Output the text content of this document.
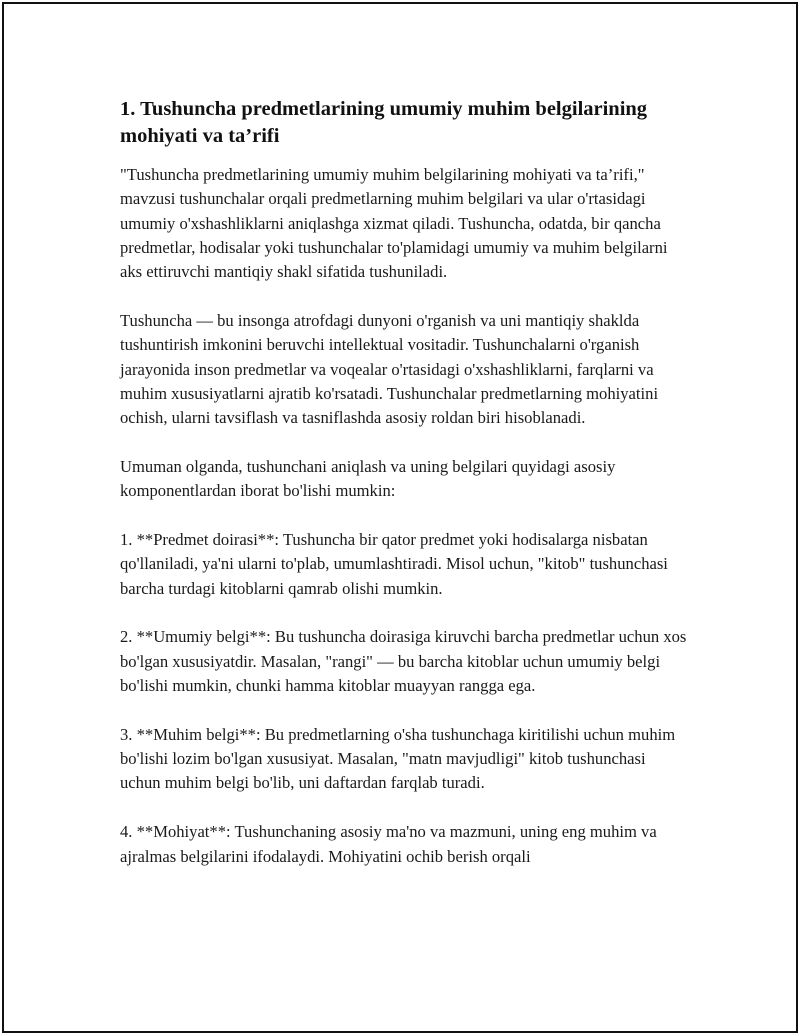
1. Tushuncha predmetlarining umumiy muhim belgilarining mohiyati va ta’rifi

"Tushuncha predmetlarining umumiy muhim belgilarining mohiyati va ta’rifi," mavzusi tushunchalar orqali predmetlarning muhim belgilari va ular o'rtasidagi umumiy o'xshashliklarni aniqlashga xizmat qiladi. Tushuncha, odatda, bir qancha predmetlar, hodisalar yoki tushunchalar to'plamidagi umumiy va muhim belgilarni aks ettiruvchi mantiqiy shakl sifatida tushuniladi.

Tushuncha — bu insonga atrofdagi dunyoni o'rganish va uni mantiqiy shaklda tushuntirish imkonini beruvchi intellektual vositadir. Tushunchalarni o'rganish jarayonida inson predmetlar va voqealar o'rtasidagi o'xshashliklarni, farqlarni va muhim xususiyatlarni ajratib ko'rsatadi. Tushunchalar predmetlarning mohiyatini ochish, ularni tavsiflash va tasniflashda asosiy roldan biri hisoblanadi.

Umuman olganda, tushunchani aniqlash va uning belgilari quyidagi asosiy komponentlardan iborat bo'lishi mumkin:

1. **Predmet doirasi**: Tushuncha bir qator predmet yoki hodisalarga nisbatan qo'llaniladi, ya'ni ularni to'plab, umumlashtiradi. Misol uchun, "kitob" tushunchasi barcha turdagi kitoblarni qamrab olishi mumkin.

2. **Umumiy belgi**: Bu tushuncha doirasiga kiruvchi barcha predmetlar uchun xos bo'lgan xususiyatdir. Masalan, "rangi" — bu barcha kitoblar uchun umumiy belgi bo'lishi mumkin, chunki hamma kitoblar muayyan rangga ega.

3. **Muhim belgi**: Bu predmetlarning o'sha tushunchaga kiritilishi uchun muhim bo'lishi lozim bo'lgan xususiyat. Masalan, "matn mavjudligi" kitob tushunchasi uchun muhim belgi bo'lib, uni daftardan farqlab turadi.

4. **Mohiyat**: Tushunchaning asosiy ma'no va mazmuni, uning eng muhim va ajralmas belgilarini ifodalaydi. Mohiyatini ochib berish orqali
